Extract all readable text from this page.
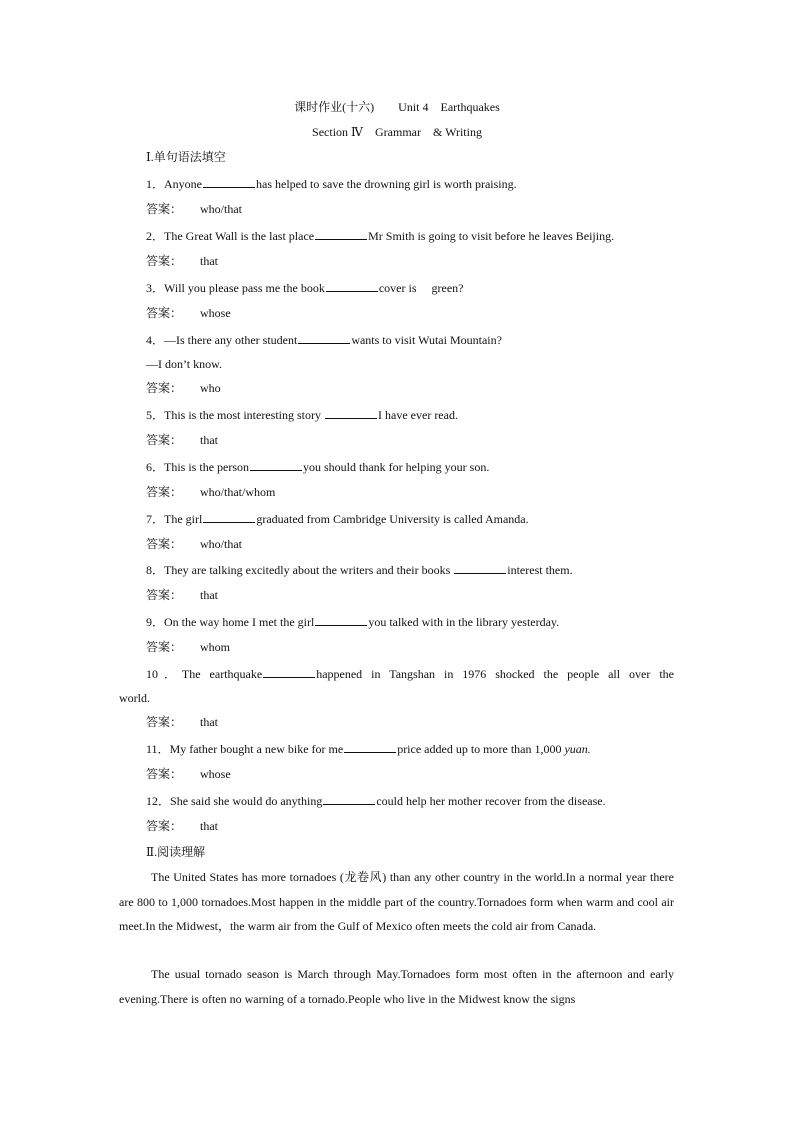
课时作业(十六)　　Unit 4　Earthquakes
Section Ⅳ　Grammar　& Writing
Ⅰ.单句语法填空
1．Anyone	has helped to save the drowning girl is worth praising.
答案： who/that
2．The Great Wall is the last place	Mr Smith is going to visit before he leaves Beijing.
答案： that
3．Will you please pass me the book	cover is　 green?
答案： whose
4．—Is there any other student	wants to visit Wutai Mountain?
—I don’t know.
答案： who
5．This is the most interesting story	I have ever read.
答案： that
6．This is the person	you should thank for helping your son.
答案： who/that/whom
7．The girl	graduated from Cambridge University is called Amanda.
答案： who/that
8．They are talking excitedly about the writers and their books	interest them.
答案： that
9．On the way home I met the girl	you talked with in the library yesterday.
答案： whom
10．The earthquake	happened in Tangshan in 1976 shocked the people all over the
world.
答案： that
11．My father bought a new bike for me	price added up to more than 1,000 yuan.
答案： whose
12．She said she would do anything	could help her mother recover from the disease.
答案： that
Ⅱ.阅读理解
The United States has more tornadoes (龙卷风) than any other country in the world.In a normal year there are 800 to 1,000 tornadoes.Most happen in the middle part of the country.Tornadoes form when warm and cool air meet.In the Midwest，the warm air from the Gulf of Mexico often meets the cold air from Canada.
The usual tornado season is March through May.Tornadoes form most often in the afternoon and early evening.There is often no warning of a tornado.People who live in the Midwest know the signs
